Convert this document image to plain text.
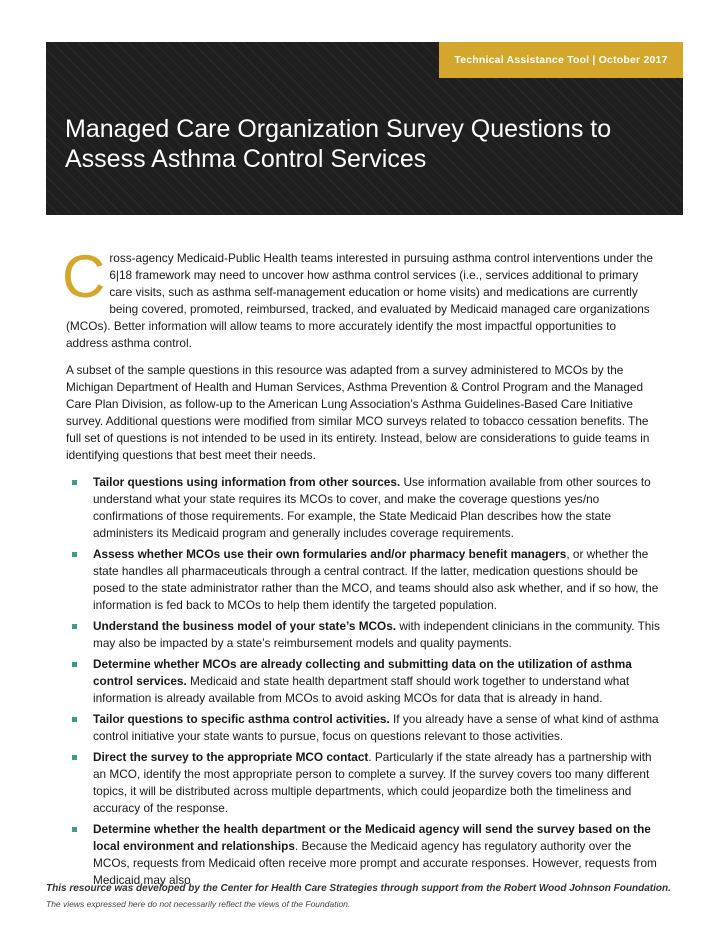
Technical Assistance Tool | October 2017
Managed Care Organization Survey Questions to Assess Asthma Control Services

C ross-agency Medicaid-Public Health teams interested in pursuing asthma control interventions under the 6|18 framework may need to uncover how asthma control services (i.e., services additional to primary care visits, such as asthma self-management education or home visits) and medications are currently being covered, promoted, reimbursed, tracked, and evaluated by Medicaid managed care organizations (MCOs). Better information will allow teams to more accurately identify the most impactful opportunities to address asthma control.

A subset of the sample questions in this resource was adapted from a survey administered to MCOs by the Michigan Department of Health and Human Services, Asthma Prevention & Control Program and the Managed Care Plan Division, as follow-up to the American Lung Association’s Asthma Guidelines-Based Care Initiative survey. Additional questions were modified from similar MCO surveys related to tobacco cessation benefits. The full set of questions is not intended to be used in its entirety. Instead, below are considerations to guide teams in identifying questions that best meet their needs.

Tailor questions using information from other sources. Use information available from other sources to understand what your state requires its MCOs to cover, and make the coverage questions yes/no confirmations of those requirements. For example, the State Medicaid Plan describes how the state administers its Medicaid program and generally includes coverage requirements.
Assess whether MCOs use their own formularies and/or pharmacy benefit managers, or whether the state handles all pharmaceuticals through a central contract. If the latter, medication questions should be posed to the state administrator rather than the MCO, and teams should also ask whether, and if so how, the information is fed back to MCOs to help them identify the targeted population.
Understand the business model of your state’s MCOs. with independent clinicians in the community. This may also be impacted by a state’s reimbursement models and quality payments.
Determine whether MCOs are already collecting and submitting data on the utilization of asthma control services. Medicaid and state health department staff should work together to understand what information is already available from MCOs to avoid asking MCOs for data that is already in hand.
Tailor questions to specific asthma control activities. If you already have a sense of what kind of asthma control initiative your state wants to pursue, focus on questions relevant to those activities.
Direct the survey to the appropriate MCO contact. Particularly if the state already has a partnership with an MCO, identify the most appropriate person to complete a survey. If the survey covers too many different topics, it will be distributed across multiple departments, which could jeopardize both the timeliness and accuracy of the response.
Determine whether the health department or the Medicaid agency will send the survey based on the local environment and relationships. Because the Medicaid agency has regulatory authority over the MCOs, requests from Medicaid often receive more prompt and accurate responses. However, requests from Medicaid may also
This resource was developed by the Center for Health Care Strategies through support from the Robert Wood Johnson Foundation.
The views expressed here do not necessarily reflect the views of the Foundation.
